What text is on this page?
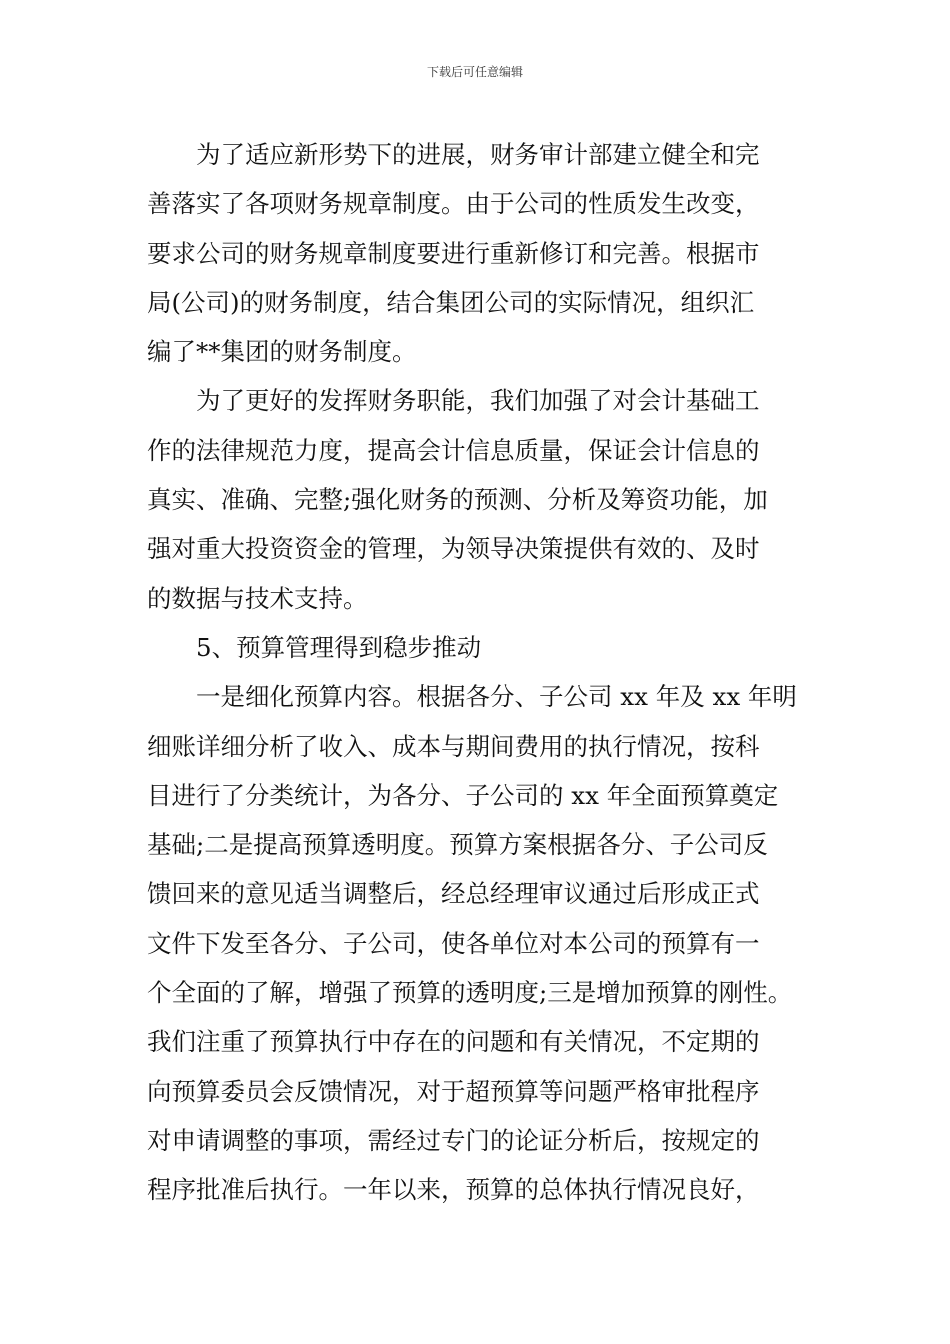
下载后可任意编辑
为了适应新形势下的进展，财务审计部建立健全和完
善落实了各项财务规章制度。由于公司的性质发生改变，
要求公司的财务规章制度要进行重新修订和完善。根据市
局(公司)的财务制度，结合集团公司的实际情况，组织汇
编了**集团的财务制度。
为了更好的发挥财务职能，我们加强了对会计基础工
作的法律规范力度，提高会计信息质量，保证会计信息的
真实、准确、完整;强化财务的预测、分析及筹资功能，加
强对重大投资资金的管理，为领导决策提供有效的、及时
的数据与技术支持。
5、预算管理得到稳步推动
一是细化预算内容。根据各分、子公司 xx 年及 xx 年明
细账详细分析了收入、成本与期间费用的执行情况，按科
目进行了分类统计，为各分、子公司的 xx 年全面预算奠定
基础;二是提高预算透明度。预算方案根据各分、子公司反
馈回来的意见适当调整后，经总经理审议通过后形成正式
文件下发至各分、子公司，使各单位对本公司的预算有一
个全面的了解，增强了预算的透明度;三是增加预算的刚性。
我们注重了预算执行中存在的问题和有关情况，不定期的
向预算委员会反馈情况，对于超预算等问题严格审批程序
对申请调整的事项，需经过专门的论证分析后，按规定的
程序批准后执行。一年以来，预算的总体执行情况良好，
